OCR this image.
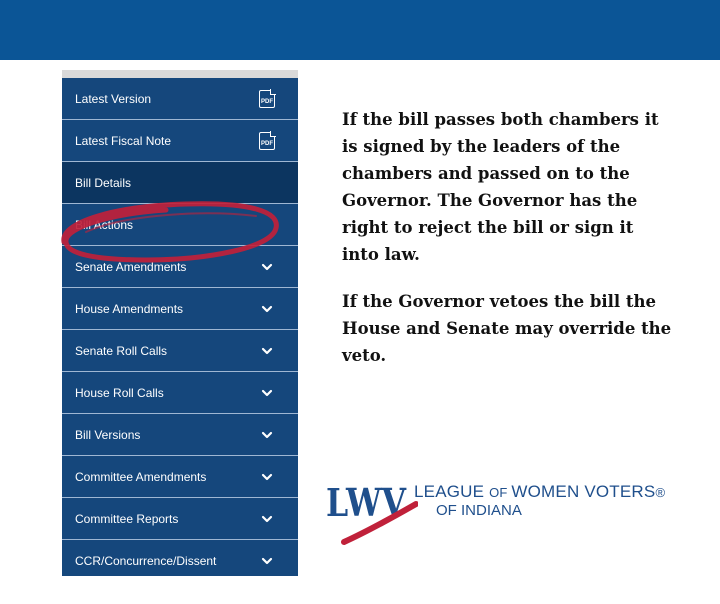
Latest Version	PDF
Latest Fiscal Note	PDF
Bill Details
Bill Actions
Senate Amendments
House Amendments
Senate Roll Calls
House Roll Calls
Bill Versions
Committee Amendments
Committee Reports
CCR/Concurrence/Dissent

If the bill passes both chambers it is signed by the leaders of the chambers and passed on to the Governor. The Governor has the right to reject the bill or sign it into law.

If the Governor vetoes the bill the House and Senate may override the veto.

LWV LEAGUE OF WOMEN VOTERS®
OF INDIANA
